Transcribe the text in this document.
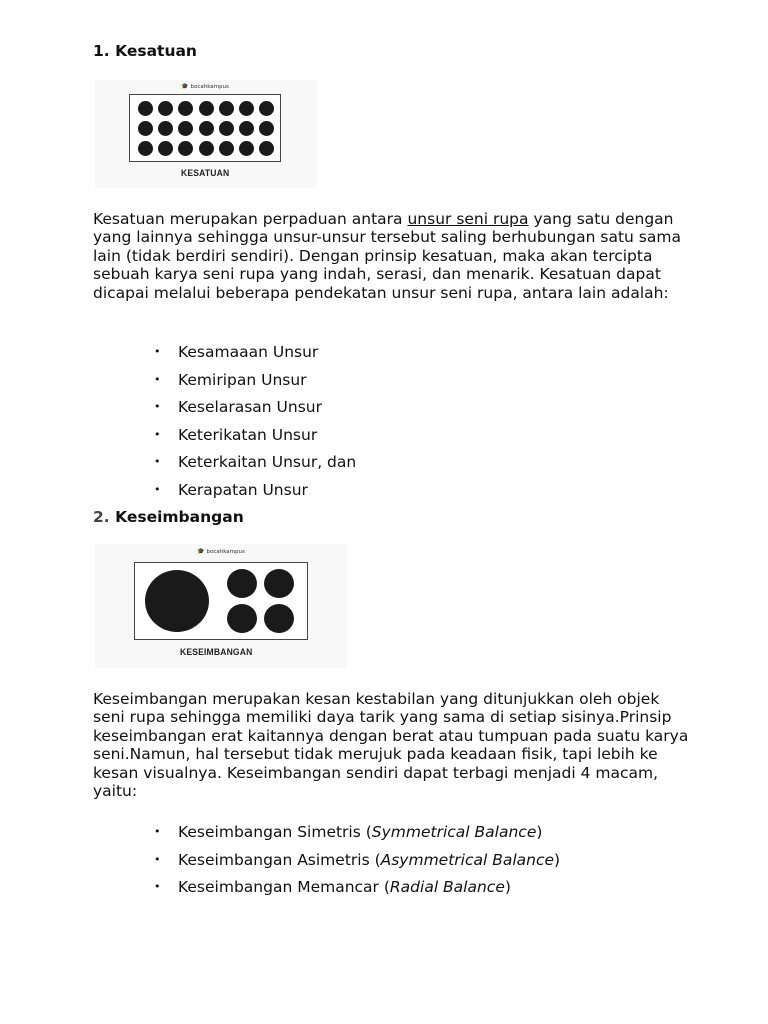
1. Kesatuan
🎓 bocahkampus
KESATUAN

Kesatuan merupakan perpaduan antara unsur seni rupa yang satu dengan yang lainnya sehingga unsur-unsur tersebut saling berhubungan satu sama lain (tidak berdiri sendiri). Dengan prinsip kesatuan, maka akan tercipta sebuah karya seni rupa yang indah, serasi, dan menarik. Kesatuan dapat dicapai melalui beberapa pendekatan unsur seni rupa, antara lain adalah:

• Kesamaaan Unsur
• Kemiripan Unsur
• Keselarasan Unsur
• Keterikatan Unsur
• Keterkaitan Unsur, dan
• Kerapatan Unsur
2. Keseimbangan
🎓 bocahkampus
KESEIMBANGAN

Keseimbangan merupakan kesan kestabilan yang ditunjukkan oleh objek seni rupa sehingga memiliki daya tarik yang sama di setiap sisinya.Prinsip keseimbangan erat kaitannya dengan berat atau tumpuan pada suatu karya seni.Namun, hal tersebut tidak merujuk pada keadaan fisik, tapi lebih ke kesan visualnya. Keseimbangan sendiri dapat terbagi menjadi 4 macam, yaitu:

• Keseimbangan Simetris (Symmetrical Balance)
• Keseimbangan Asimetris (Asymmetrical Balance)
• Keseimbangan Memancar (Radial Balance)
